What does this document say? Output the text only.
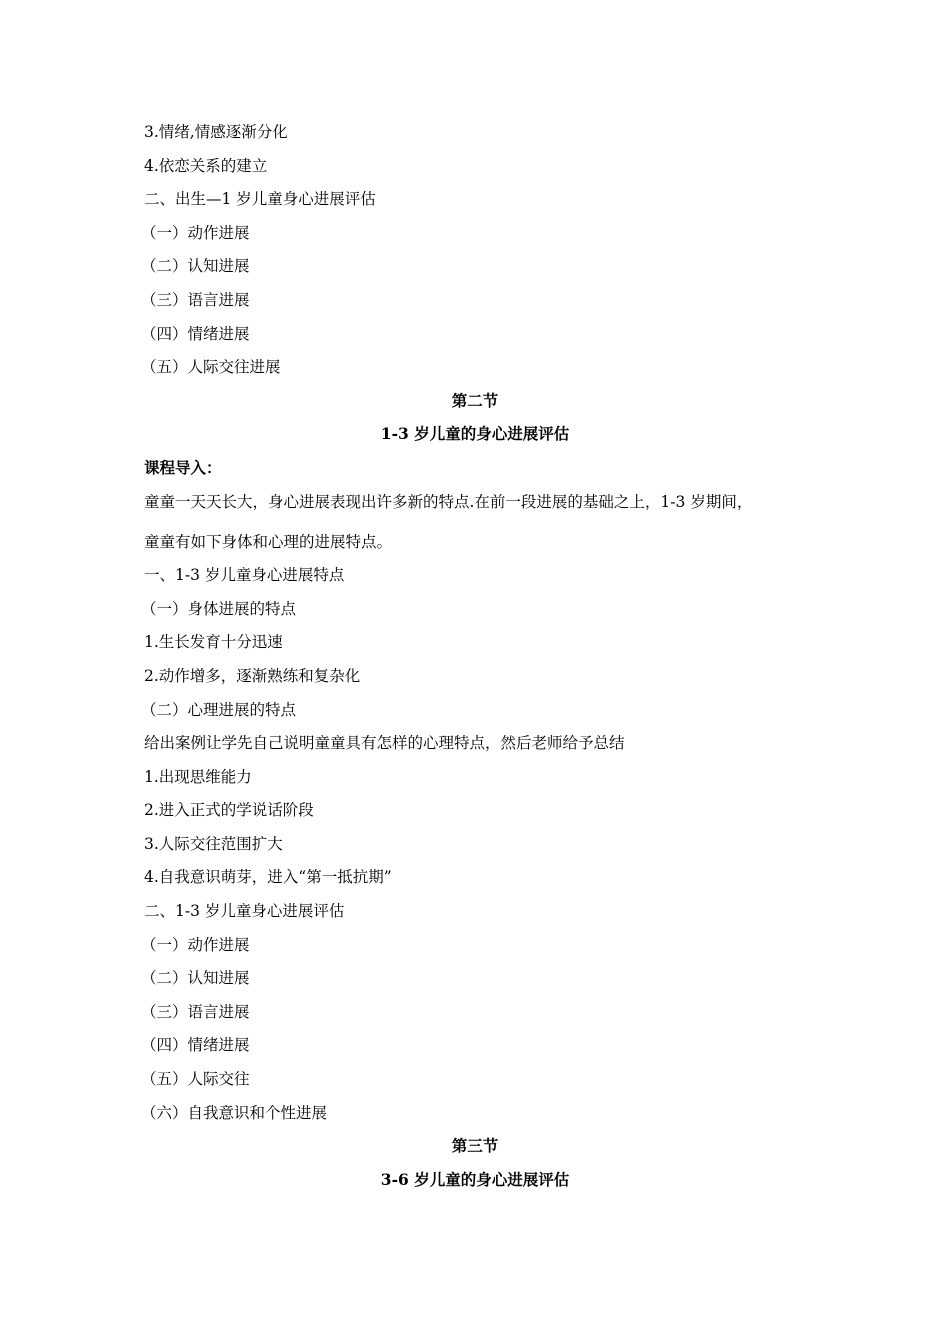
3.情绪,情感逐渐分化
4.依恋关系的建立
二、出生—1 岁儿童身心进展评估
（一）动作进展
（二）认知进展
（三）语言进展
（四）情绪进展
（五）人际交往进展
第二节
1-3 岁儿童的身心进展评估
课程导入：
童童一天天长大，身心进展表现出许多新的特点.在前一段进展的基础之上，1-3 岁期间，
童童有如下身体和心理的进展特点。
一、1-3 岁儿童身心进展特点
（一）身体进展的特点
1.生长发育十分迅速
2.动作增多，逐渐熟练和复杂化
（二）心理进展的特点
给出案例让学先自己说明童童具有怎样的心理特点，然后老师给予总结
1.出现思维能力
2.进入正式的学说话阶段
3.人际交往范围扩大
4.自我意识萌芽，进入“第一抵抗期”
二、1-3 岁儿童身心进展评估
（一）动作进展
（二）认知进展
（三）语言进展
（四）情绪进展
（五）人际交往
（六）自我意识和个性进展
第三节
3-6 岁儿童的身心进展评估
